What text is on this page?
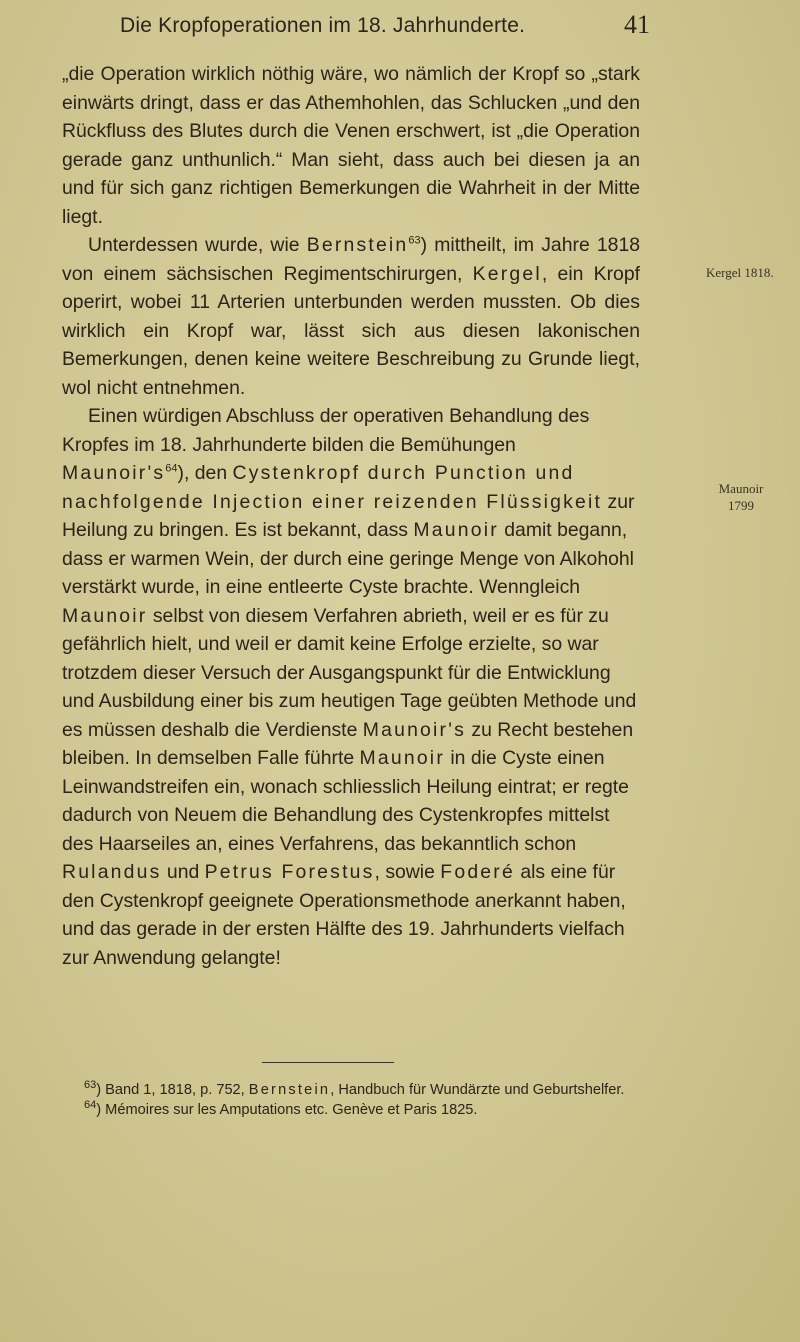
Die Kropfoperationen im 18. Jahrhunderte.	41

„die Operation wirklich nöthig wäre, wo nämlich der Kropf so „stark einwärts dringt, dass er das Athemhohlen, das Schlucken „und den Rückfluss des Blutes durch die Venen erschwert, ist „die Operation gerade ganz unthunlich.“ Man sieht, dass auch bei diesen ja an und für sich ganz richtigen Bemerkungen die Wahrheit in der Mitte liegt.

Unterdessen wurde, wie Bernstein$^{63}$) mittheilt, im Jahre 1818 von einem sächsischen Regimentschirurgen, Kergel, ein Kropf operirt, wobei 11 Arterien unterbunden werden mussten. Ob dies wirklich ein Kropf war, lässt sich aus diesen lakonischen Bemerkungen, denen keine weitere Beschreibung zu Grunde liegt, wol nicht entnehmen.

Einen würdigen Abschluss der operativen Behandlung des Kropfes im 18. Jahrhunderte bilden die Bemühungen $Maunoir's^{64}$), den Cystenkropf durch Punction und nachfolgende Injection einer reizenden Flüssigkeit zur Heilung zu bringen. Es ist bekannt, dass Maunoir damit begann, dass er warmen Wein, der durch eine geringe Menge von Alkohohl verstärkt wurde, in eine entleerte Cyste brachte. Wenngleich Maunoir selbst von diesem Verfahren abrieth, weil er es für zu gefährlich hielt, und weil er damit keine Erfolge erzielte, so war trotzdem dieser Versuch der Ausgangspunkt für die Entwicklung und Ausbildung einer bis zum heutigen Tage geübten Methode und es müssen deshalb die Verdienste Maunoir's zu Recht bestehen bleiben. In demselben Falle führte Maunoir in die Cyste einen Leinwandstreifen ein, wonach schliesslich Heilung eintrat; er regte dadurch von Neuem die Behandlung des Cystenkropfes mittelst des Haarseiles an, eines Verfahrens, das bekanntlich schon Rulandus und Petrus Forestus, sowie Foderé als eine für den Cystenkropf geeignete Operationsmethode anerkannt haben, und das gerade in der ersten Hälfte des 19. Jahrhunderts vielfach zur Anwendung gelangte!

Kergel 1818.
Maunoir
1799

$^{63}$) Band 1, 1818, p. 752, Bernstein, Handbuch für Wundärzte und Geburtshelfer.

$^{64}$) Mémoires sur les Amputations etc. Genève et Paris 1825.
